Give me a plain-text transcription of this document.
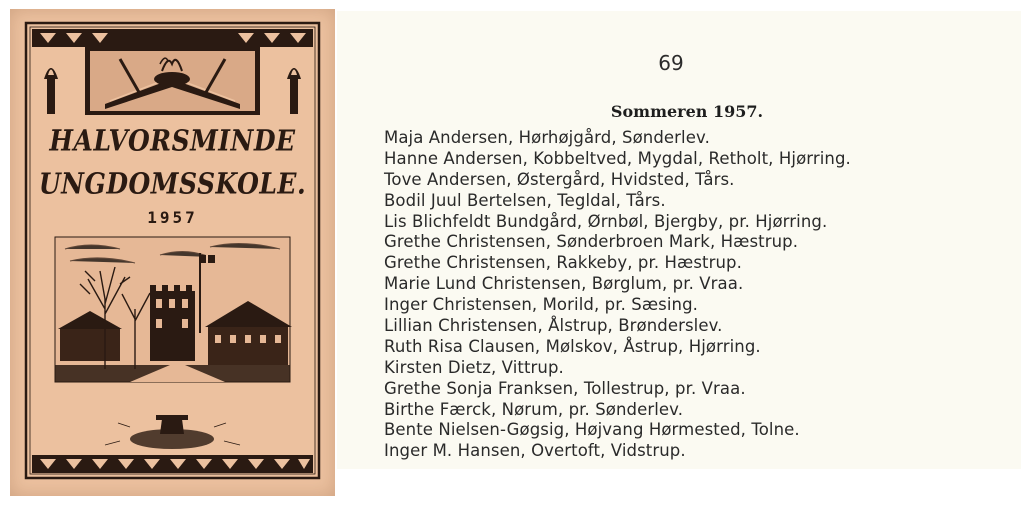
HALVORSMINDE
UNGDOMSSKOLE.
1957
69
Sommeren 1957.
Maja Andersen, Hørhøjgård, Sønderlev.
Hanne Andersen, Kobbeltved, Mygdal, Retholt, Hjørring.
Tove Andersen, Østergård, Hvidsted, Tårs.
Bodil Juul Bertelsen, Tegldal, Tårs.
Lis Blichfeldt Bundgård, Ørnbøl, Bjergby, pr. Hjørring.
Grethe Christensen, Sønderbroen Mark, Hæstrup.
Grethe Christensen, Rakkeby, pr. Hæstrup.
Marie Lund Christensen, Børglum, pr. Vraa.
Inger Christensen, Morild, pr. Sæsing.
Lillian Christensen, Ålstrup, Brønderslev.
Ruth Risa Clausen, Mølskov, Åstrup, Hjørring.
Kirsten Dietz, Vittrup.
Grethe Sonja Franksen, Tollestrup, pr. Vraa.
Birthe Færck, Nørum, pr. Sønderlev.
Bente Nielsen-Gøgsig, Højvang Hørmested, Tolne.
Inger M. Hansen, Overtoft, Vidstrup.
